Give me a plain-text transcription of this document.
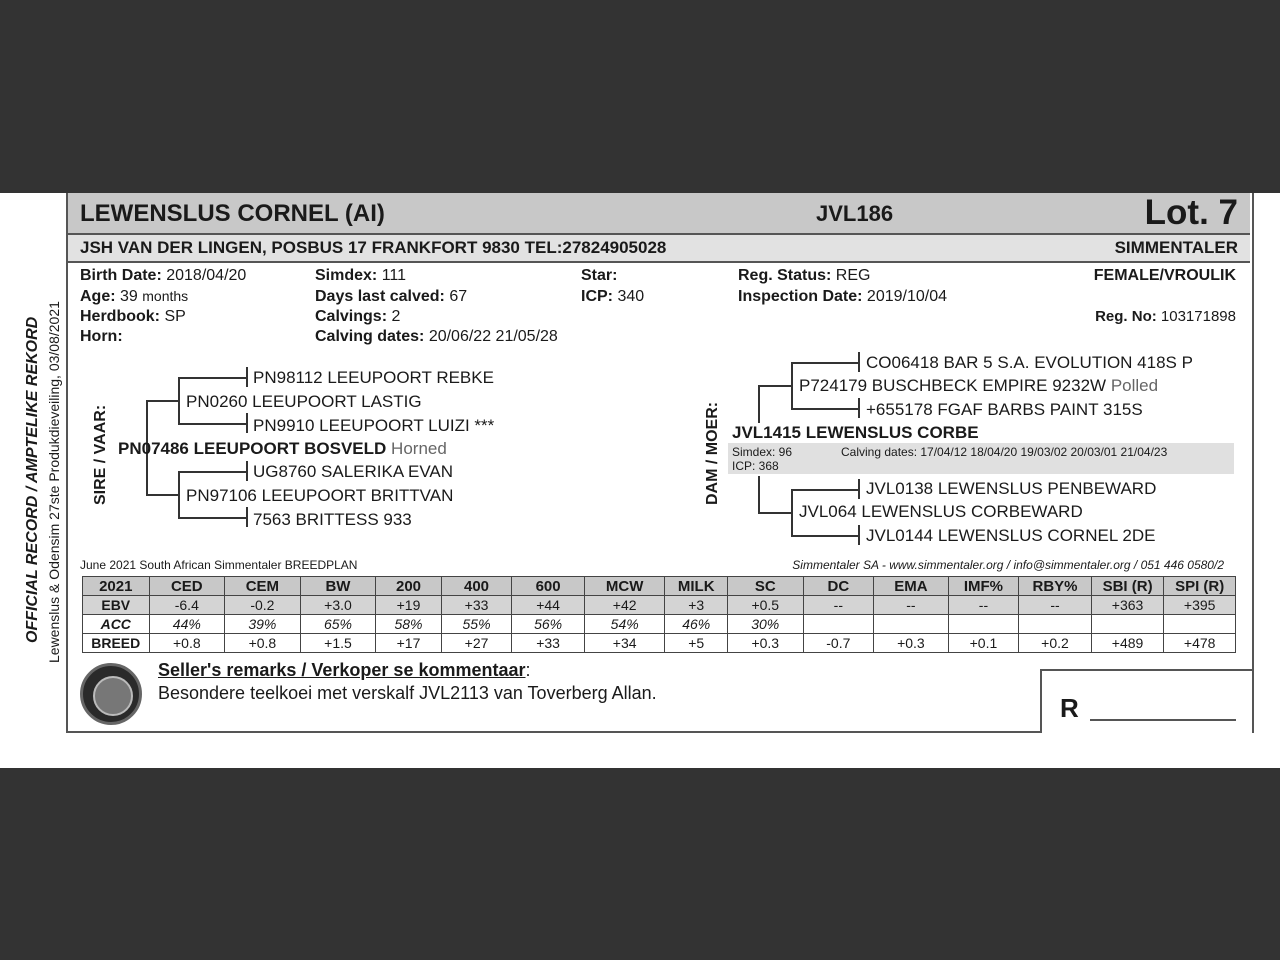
LEWENSLUS CORNEL (AI)	JVL186	Lot. 7
JSH VAN DER LINGEN, POSBUS 17 FRANKFORT 9830 TEL:27824905028	SIMMENTALER
OFFICIAL RECORD / AMPTELIKE REKORD Lewenslus & Odensim 27ste Produkdieveiling, 03/08/2021
Birth Date: 2018/04/20
Age: 39 months
Herdbook: SP
Horn:
Simdex: 111
Days last calved: 67
Calvings: 2
Calving dates: 20/06/22 21/05/28
Star:
ICP: 340
Reg. Status: REG
Inspection Date: 2019/10/04
FEMALE/VROULIK
Reg. No: 103171898
SIRE / VAAR:
PN98112 LEEUPOORT REBKE
PN0260 LEEUPOORT LASTIG
PN9910 LEEUPOORT LUIZI ***
PN07486 LEEUPOORT BOSVELD Horned
UG8760 SALERIKA EVAN
PN97106 LEEUPOORT BRITTVAN
7563 BRITTESS 933
DAM / MOER:
CO06418 BAR 5 S.A. EVOLUTION 418S P
P724179 BUSCHBECK EMPIRE 9232W Polled
+655178 FGAF BARBS PAINT 315S
JVL1415 LEWENSLUS CORBE
Simdex: 96
ICP: 368
Calving dates: 17/04/12 18/04/20 19/03/02 20/03/01 21/04/23
JVL0138 LEWENSLUS PENBEWARD
JVL064 LEWENSLUS CORBEWARD
JVL0144 LEWENSLUS CORNEL 2DE
June 2021 South African Simmentaler BREEDPLAN	Simmentaler SA - www.simmentaler.org / info@simmentaler.org / 051 446 0580/2
2021	CED	CEM	BW	200	400	600	MCW	MILK	SC	DC	EMA	IMF%	RBY%	SBI (R)	SPI (R)
EBV	-6.4	-0.2	+3.0	+19	+33	+44	+42	+3	+0.5	--	--	--	--	+363	+395
ACC	44%	39%	65%	58%	55%	56%	54%	46%	30%						
BREED	+0.8	+0.8	+1.5	+17	+27	+33	+34	+5	+0.3	-0.7	+0.3	+0.1	+0.2	+489	+478
Seller's remarks / Verkoper se kommentaar:
Besondere teelkoei met verskalf JVL2113 van Toverberg Allan.	R
